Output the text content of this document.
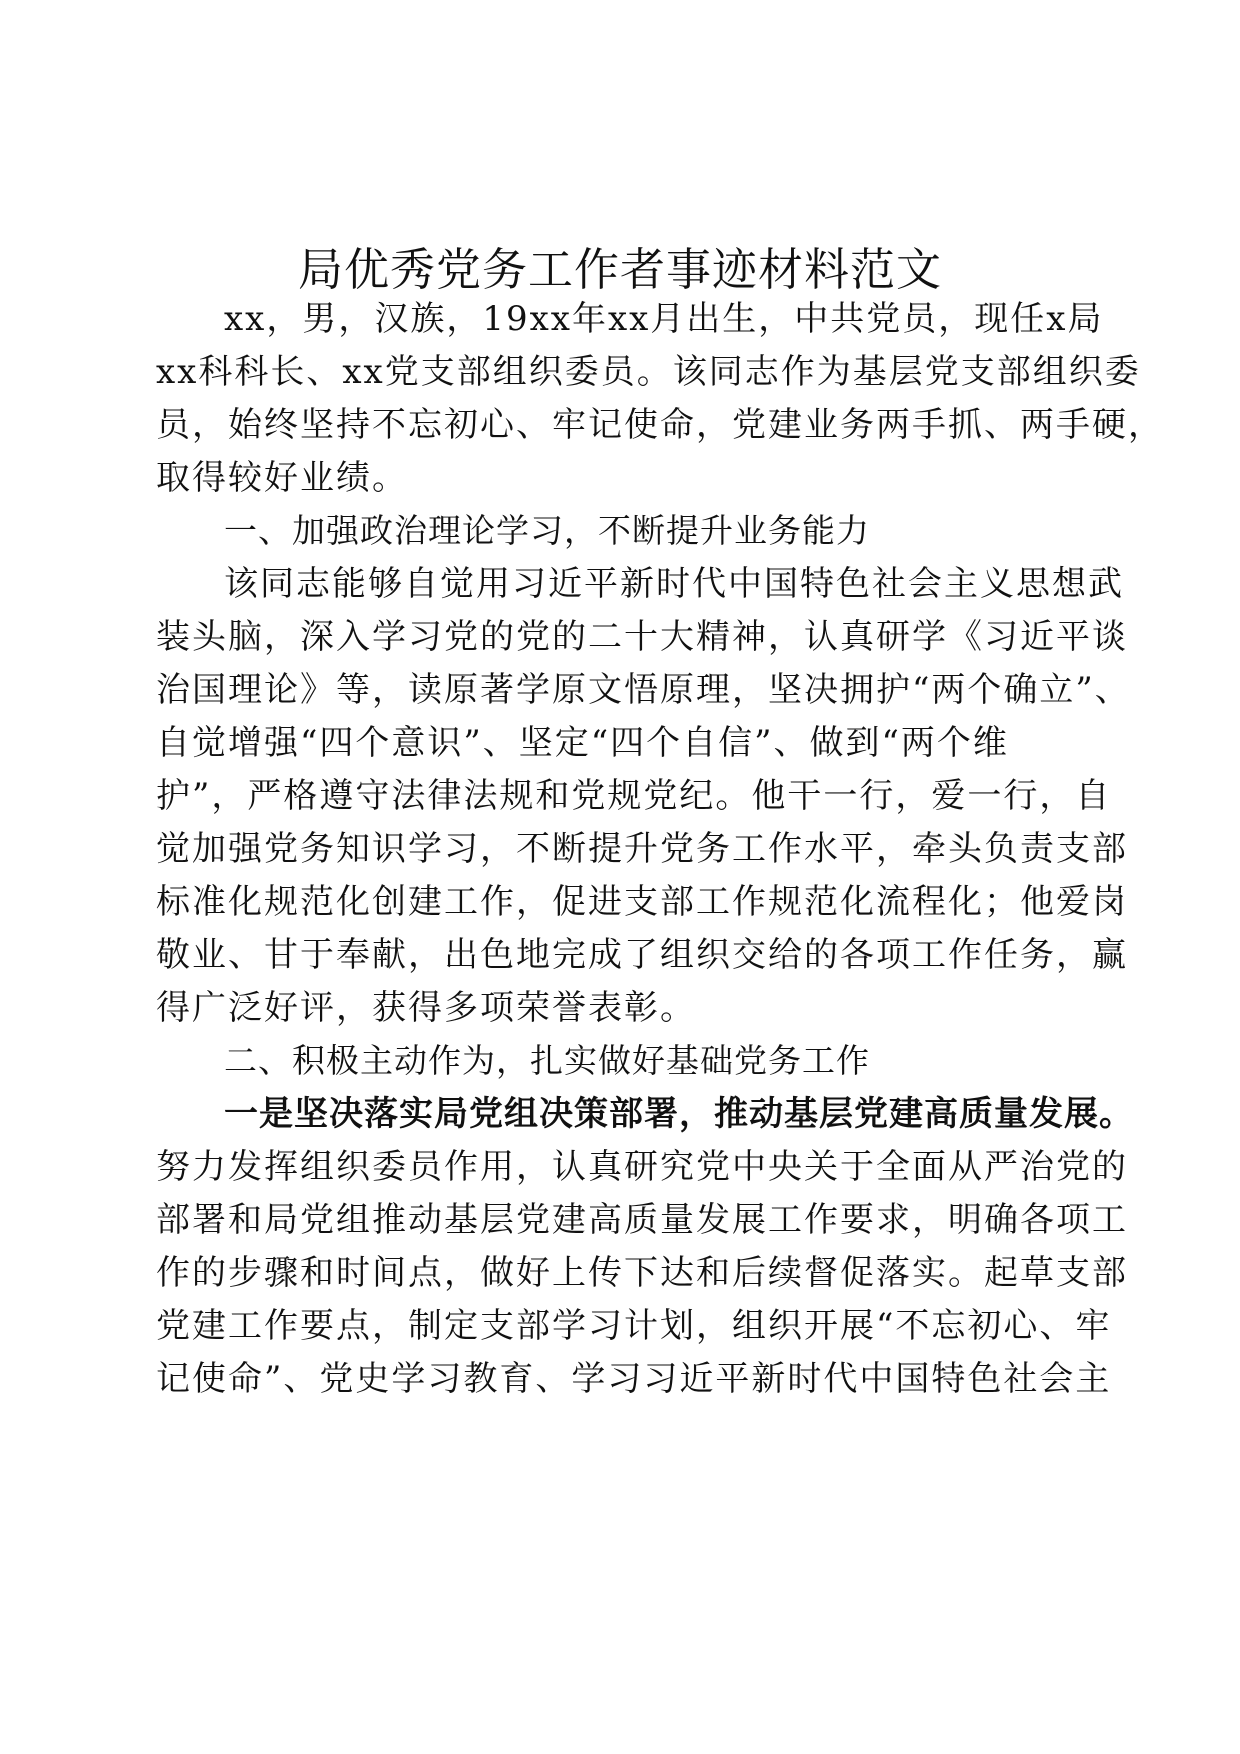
局优秀党务工作者事迹材料范文
xx，男，汉族，19xx年xx月出生，中共党员，现任x局
xx科科长、xx党支部组织委员。该同志作为基层党支部组织委
员，始终坚持不忘初心、牢记使命，党建业务两手抓、两手硬，
取得较好业绩。
一、加强政治理论学习，不断提升业务能力
该同志能够自觉用习近平新时代中国特色社会主义思想武
装头脑，深入学习党的党的二十大精神，认真研学《习近平谈
治国理论》等，读原著学原文悟原理，坚决拥护“两个确立”、
自觉增强“四个意识”、坚定“四个自信”、做到“两个维
护”，严格遵守法律法规和党规党纪。他干一行，爱一行，自
觉加强党务知识学习，不断提升党务工作水平，牵头负责支部
标准化规范化创建工作，促进支部工作规范化流程化；他爱岗
敬业、甘于奉献，出色地完成了组织交给的各项工作任务，赢
得广泛好评，获得多项荣誉表彰。
二、积极主动作为，扎实做好基础党务工作
一是坚决落实局党组决策部署，推动基层党建高质量发展。
努力发挥组织委员作用，认真研究党中央关于全面从严治党的
部署和局党组推动基层党建高质量发展工作要求，明确各项工
作的步骤和时间点，做好上传下达和后续督促落实。起草支部
党建工作要点，制定支部学习计划，组织开展“不忘初心、牢
记使命”、党史学习教育、学习习近平新时代中国特色社会主
